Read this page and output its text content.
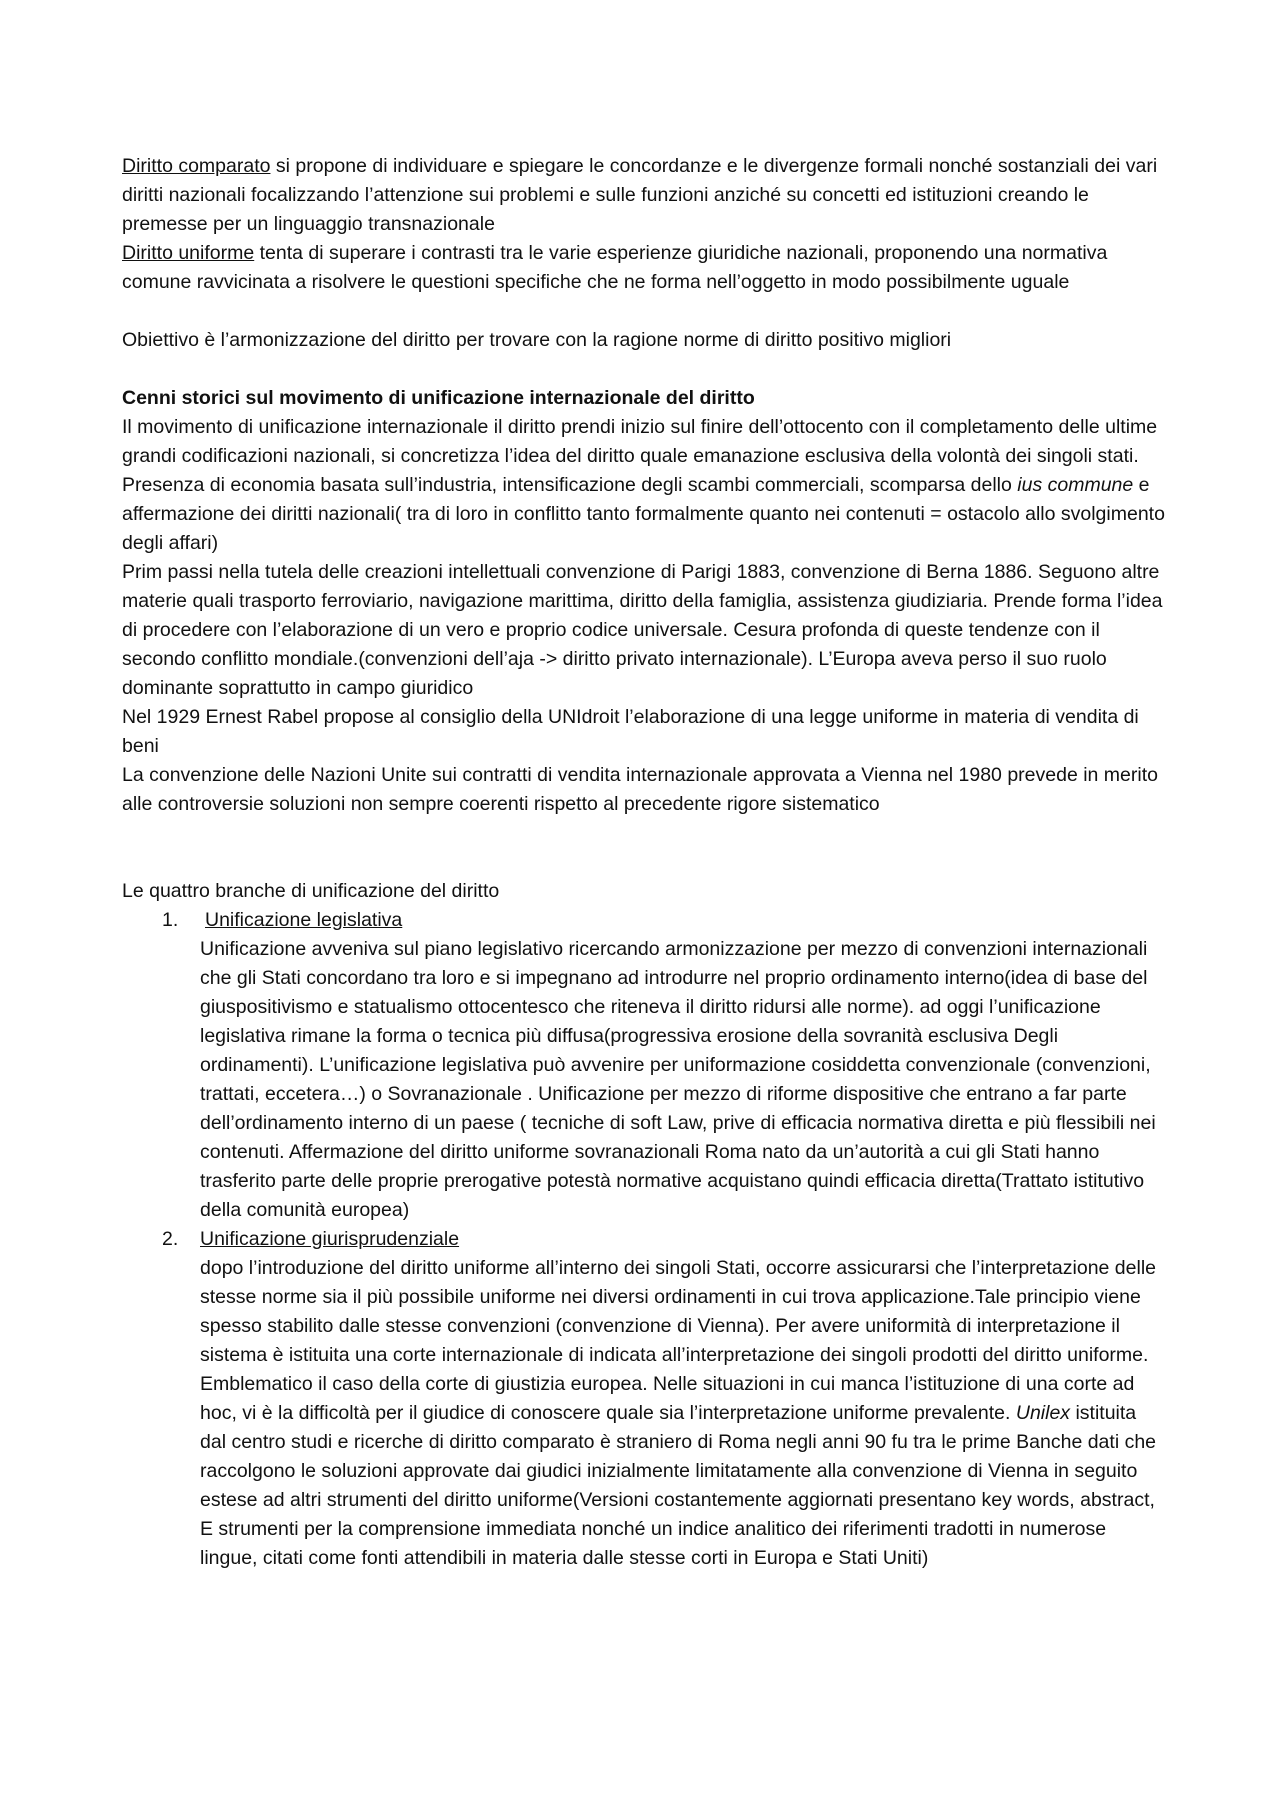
Diritto comparato si propone di individuare e spiegare le concordanze e le divergenze formali nonché sostanziali dei vari diritti nazionali focalizzando l’attenzione sui problemi e sulle funzioni anziché su concetti ed istituzioni creando le premesse per un linguaggio transnazionale

Diritto uniforme tenta di superare i contrasti tra le varie esperienze giuridiche nazionali, proponendo una normativa comune ravvicinata a risolvere le questioni specifiche che ne forma nell’oggetto in modo possibilmente uguale

Obiettivo è l’armonizzazione del diritto per trovare con la ragione norme di diritto positivo migliori

Cenni storici sul movimento di unificazione internazionale del diritto

Il movimento di unificazione internazionale il diritto prendi inizio sul finire dell’ottocento con il completamento delle ultime grandi codificazioni nazionali, si concretizza l’idea del diritto quale emanazione esclusiva della volontà dei singoli stati. Presenza di economia basata sull’industria, intensificazione degli scambi commerciali, scomparsa dello ius commune e affermazione dei diritti nazionali( tra di loro in conflitto tanto formalmente quanto nei contenuti = ostacolo allo svolgimento degli affari)

Prim passi nella tutela delle creazioni intellettuali convenzione di Parigi 1883, convenzione di Berna 1886. Seguono altre materie quali trasporto ferroviario, navigazione marittima, diritto della famiglia, assistenza giudiziaria. Prende forma l’idea di procedere con l’elaborazione di un vero e proprio codice universale. Cesura profonda di queste tendenze con il secondo conflitto mondiale.(convenzioni dell’aja -> diritto privato internazionale). L’Europa aveva perso il suo ruolo dominante soprattutto in campo giuridico

Nel 1929 Ernest Rabel propose al consiglio della UNIdroit l’elaborazione di una legge uniforme in materia di vendita di beni

La convenzione delle Nazioni Unite sui contratti di vendita internazionale approvata a Vienna nel 1980 prevede in merito alle controversie soluzioni non sempre coerenti rispetto al precedente rigore sistematico

Le quattro branche di unificazione del diritto

1. Unificazione legislativa

Unificazione avveniva sul piano legislativo ricercando armonizzazione per mezzo di convenzioni internazionali che gli Stati concordano tra loro e si impegnano ad introdurre nel proprio ordinamento interno(idea di base del giuspositivismo e statualismo ottocentesco che riteneva il diritto ridursi alle norme). ad oggi l’unificazione legislativa rimane la forma o tecnica più diffusa(progressiva erosione della sovranità esclusiva Degli ordinamenti). L’unificazione legislativa può avvenire per uniformazione cosiddetta convenzionale (convenzioni, trattati, eccetera…) o Sovranazionale . Unificazione per mezzo di riforme dispositive che entrano a far parte dell’ordinamento interno di un paese ( tecniche di soft Law, prive di efficacia normativa diretta e più flessibili nei contenuti. Affermazione del diritto uniforme sovranazionali Roma nato da un’autorità a cui gli Stati hanno trasferito parte delle proprie prerogative potestà normative acquistano quindi efficacia diretta(Trattato istitutivo della comunità europea)

2. Unificazione giurisprudenziale

dopo l’introduzione del diritto uniforme all’interno dei singoli Stati, occorre assicurarsi che l’interpretazione delle stesse norme sia il più possibile uniforme nei diversi ordinamenti in cui trova applicazione.Tale principio viene spesso stabilito dalle stesse convenzioni (convenzione di Vienna). Per avere uniformità di interpretazione il sistema è istituita una corte internazionale di indicata all’interpretazione dei singoli prodotti del diritto uniforme. Emblematico il caso della corte di giustizia europea. Nelle situazioni in cui manca l’istituzione di una corte ad hoc, vi è la difficoltà per il giudice di conoscere quale sia l’interpretazione uniforme prevalente. Unilex istituita dal centro studi e ricerche di diritto comparato è straniero di Roma negli anni 90 fu tra le prime Banche dati che raccolgono le soluzioni approvate dai giudici inizialmente limitatamente alla convenzione di Vienna in seguito estese ad altri strumenti del diritto uniforme(Versioni costantemente aggiornati presentano key words, abstract, E strumenti per la comprensione immediata nonché un indice analitico dei riferimenti tradotti in numerose lingue, citati come fonti attendibili in materia dalle stesse corti in Europa e Stati Uniti)
